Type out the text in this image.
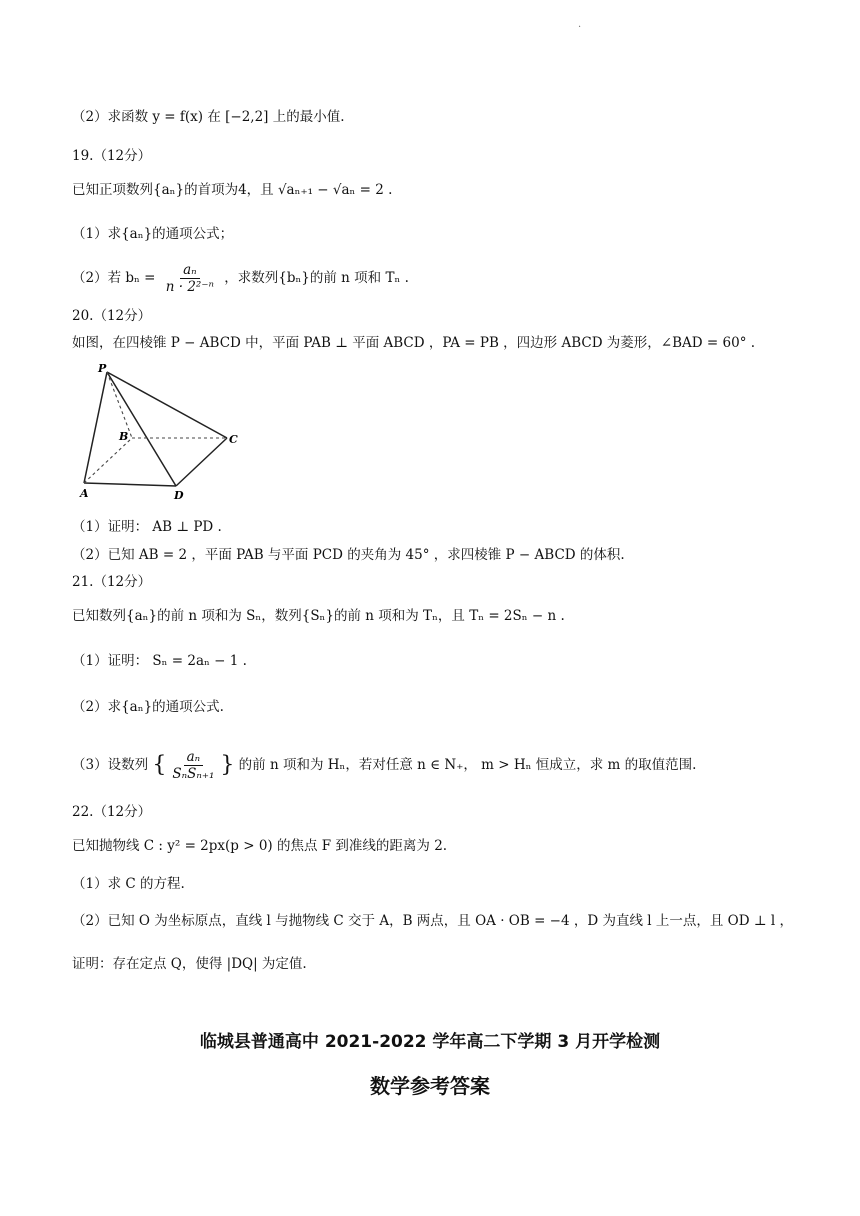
·
（2）求函数 y = f(x) 在 [−2,2] 上的最小值.
19.（12分）
已知正项数列{aₙ}的首项为4，且 √aₙ₊₁ − √aₙ = 2 .
（1）求{aₙ}的通项公式；
（2）若 $b_n = \frac{\text{aₙ}}{\text{n · 2²⁻ⁿ}}$ ，求数列{bₙ}的前 n 项和 Tₙ .
20.（12分）
如图，在四棱锥 P − ABCD 中，平面 PAB ⊥ 平面 ABCD ，PA = PB ，四边形 ABCD 为菱形，∠BAD = 60° .
P
B	C
A	D
（1）证明： AB ⊥ PD .
（2）已知 AB = 2 ，平面 PAB 与平面 PCD 的夹角为 45° ，求四棱锥 P − ABCD 的体积.
21.（12分）
已知数列{aₙ}的前 n 项和为 Sₙ，数列{Sₙ}的前 n 项和为 Tₙ，且 Tₙ = 2Sₙ − n .
（1）证明： Sₙ = 2aₙ − 1 .
（2）求{aₙ}的通项公式.
（3）设数列 { $\frac{\text{aₙ}}{\text{SₙSₙ₊₁}}$ } 的前 n 项和为 Hₙ，若对任意 n ∈ N₊， m > Hₙ 恒成立，求 m 的取值范围.
22.（12分）
已知抛物线 C : y² = 2px(p > 0) 的焦点 F 到准线的距离为 2.
（1）求 C 的方程.
（2）已知 O 为坐标原点，直线 l 与抛物线 C 交于 A，B 两点，且 OA · OB = −4 ，D 为直线 l 上一点，且 OD ⊥ l ，
证明：存在定点 Q，使得 |DQ| 为定值.
临城县普通高中 2021-2022 学年高二下学期 3 月开学检测
数学参考答案
